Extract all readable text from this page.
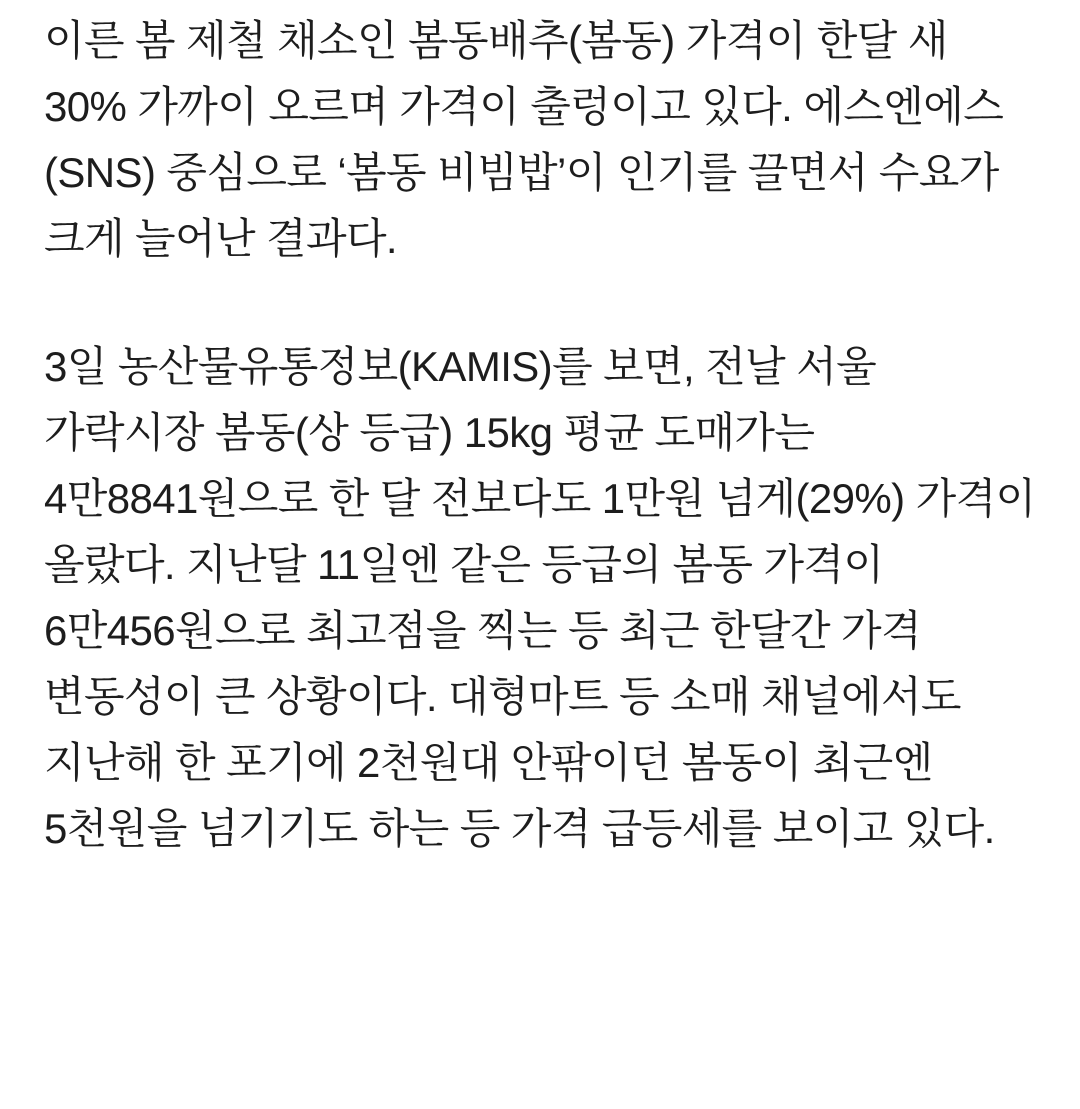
이른 봄 제철 채소인 봄동배추(봄동) 가격이 한달 새 30% 가까이 오르며 가격이 출렁이고 있다. 에스엔에스(SNS) 중심으로 ‘봄동 비빔밥’이 인기를 끌면서 수요가 크게 늘어난 결과다.

3일 농산물유통정보(KAMIS)를 보면, 전날 서울 가락시장 봄동(상 등급) 15kg 평균 도매가는 4만8841원으로 한 달 전보다도 1만원 넘게(29%) 가격이 올랐다. 지난달 11일엔 같은 등급의 봄동 가격이 6만456원으로 최고점을 찍는 등 최근 한달간 가격 변동성이 큰 상황이다. 대형마트 등 소매 채널에서도 지난해 한 포기에 2천원대 안팎이던 봄동이 최근엔 5천원을 넘기기도 하는 등 가격 급등세를 보이고 있다.
